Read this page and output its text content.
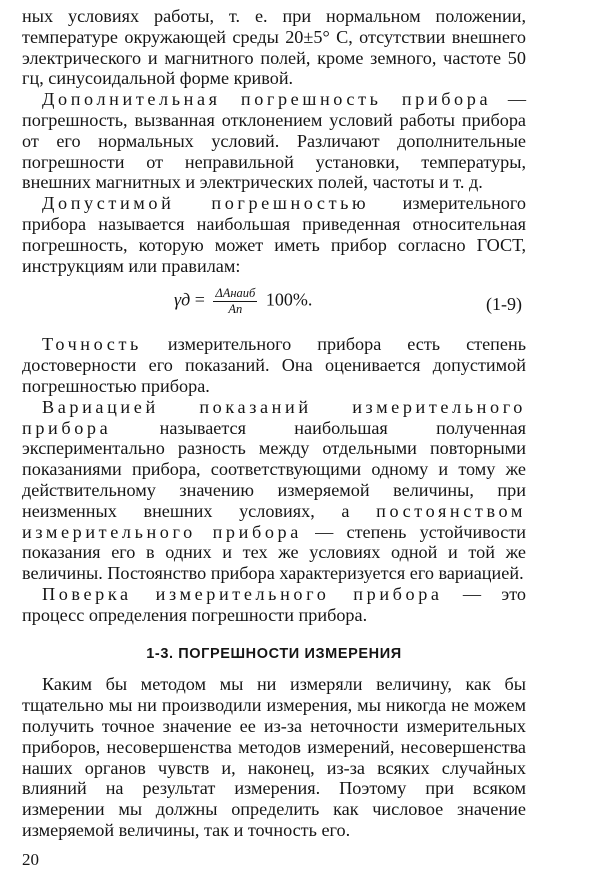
ных условиях работы, т. е. при нормальном положении, температуре окружающей среды 20±5° C, отсутствии внешнего электрического и магнитного полей, кроме земного, частоте 50 гц, синусоидальной форме кривой.

Дополнительная погрешность прибора — погрешность, вызванная отклонением условий работы прибора от его нормальных условий. Различают дополнительные погрешности от неправильной установки, температуры, внешних магнитных и электрических полей, частоты и т. д.

Допустимой погрешностью измерительного прибора называется наибольшая приведенная относительная погрешность, которую может иметь прибор согласно ГОСТ, инструкциям или правилам:

$\gamma д = \frac{\text{ΔAнаиб}}{Aп} 100\%$.	(1-9)

Точность измерительного прибора есть степень достоверности его показаний. Она оценивается допустимой погрешностью прибора.

Вариацией показаний измерительного прибора называется наибольшая полученная экспериментально разность между отдельными повторными показаниями прибора, соответствующими одному и тому же действительному значению измеряемой величины, при неизменных внешних условиях, а постоянством измерительного прибора — степень устойчивости показания его в одних и тех же условиях одной и той же величины. Постоянство прибора характеризуется его вариацией.

Поверка измерительного прибора — это процесс определения погрешности прибора.

1-3. ПОГРЕШНОСТИ ИЗМЕРЕНИЯ

Каким бы методом мы ни измеряли величину, как бы тщательно мы ни производили измерения, мы никогда не можем получить точное значение ее из-за неточности измерительных приборов, несовершенства методов измерений, несовершенства наших органов чувств и, наконец, из-за всяких случайных влияний на результат измерения. Поэтому при всяком измерении мы должны определить как числовое значение измеряемой величины, так и точность его.

20
